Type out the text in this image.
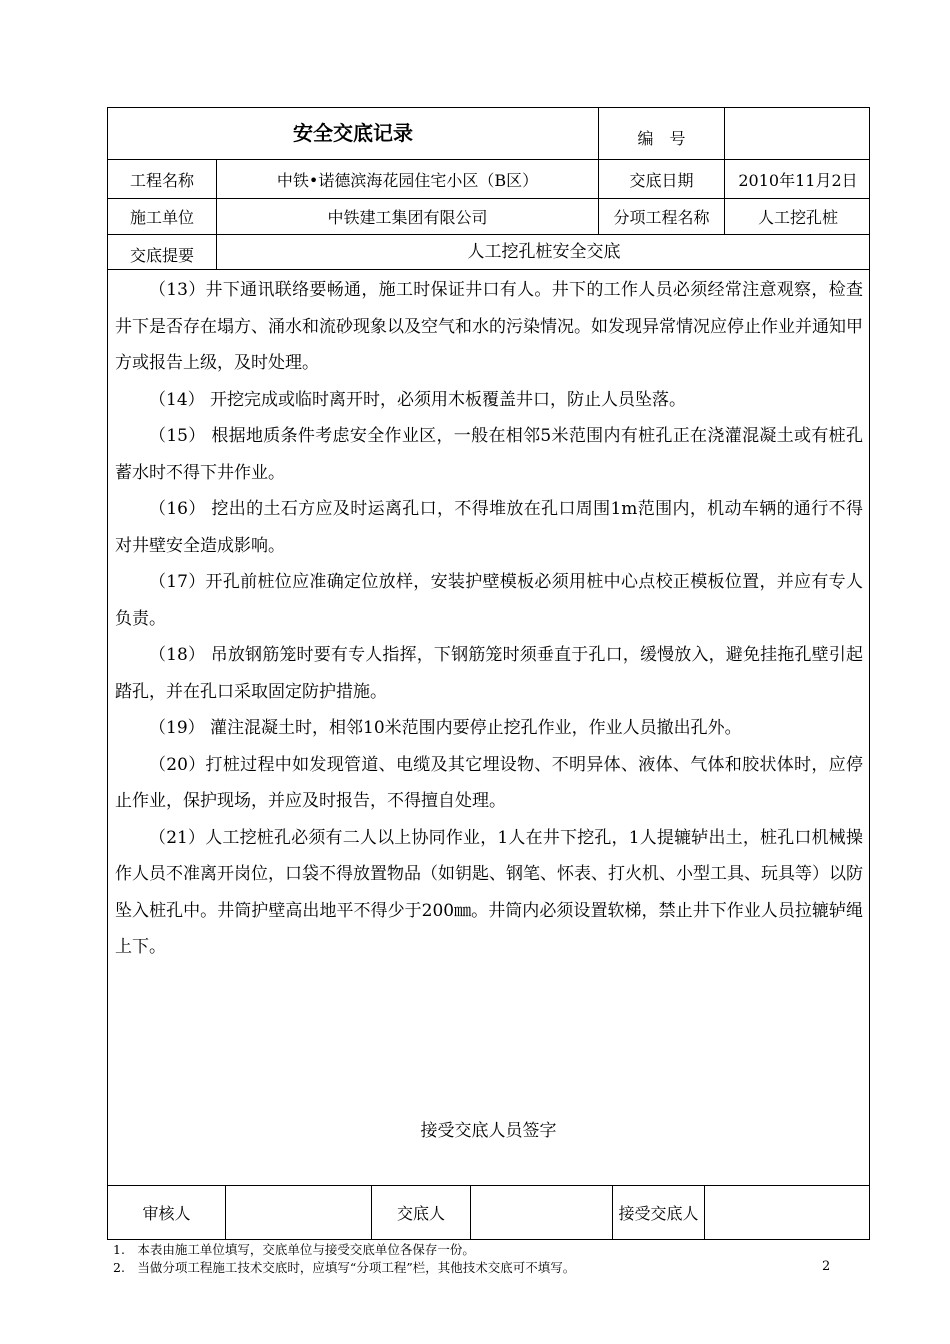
安全交底记录	编　号
工程名称	中铁•诺德滨海花园住宅小区（B区）	交底日期	2010年11月2日
施工单位	中铁建工集团有限公司	分项工程名称	人工挖孔桩
交底提要	人工挖孔桩安全交底

（13）井下通讯联络要畅通，施工时保证井口有人。井下的工作人员必须经常注意观察，检查井下是否存在塌方、涌水和流砂现象以及空气和水的污染情况。如发现异常情况应停止作业并通知甲方或报告上级，及时处理。

（14） 开挖完成或临时离开时，必须用木板覆盖井口，防止人员坠落。

（15） 根据地质条件考虑安全作业区，一般在相邻5米范围内有桩孔正在浇灌混凝土或有桩孔蓄水时不得下井作业。

（16） 挖出的土石方应及时运离孔口，不得堆放在孔口周围1m范围内，机动车辆的通行不得对井壁安全造成影响。

（17）开孔前桩位应准确定位放样，安装护壁模板必须用桩中心点校正模板位置，并应有专人负责。

（18） 吊放钢筋笼时要有专人指挥，下钢筋笼时须垂直于孔口，缓慢放入，避免挂拖孔壁引起踏孔，并在孔口采取固定防护措施。

（19） 灌注混凝土时，相邻10米范围内要停止挖孔作业，作业人员撤出孔外。

（20）打桩过程中如发现管道、电缆及其它埋设物、不明异体、液体、气体和胶状体时，应停止作业，保护现场，并应及时报告，不得擅自处理。

（21）人工挖桩孔必须有二人以上协同作业，1人在井下挖孔，1人提辘轳出土，桩孔口机械操作人员不准离开岗位，口袋不得放置物品（如钥匙、钢笔、怀表、打火机、小型工具、玩具等）以防坠入桩孔中。井筒护壁高出地平不得少于200㎜。井筒内必须设置软梯，禁止井下作业人员拉辘轳绳上下。

接受交底人员签字
审核人	交底人	接受交底人
1.　本表由施工单位填写，交底单位与接受交底单位各保存一份。
2.　当做分项工程施工技术交底时，应填写“分项工程”栏，其他技术交底可不填写。	2
